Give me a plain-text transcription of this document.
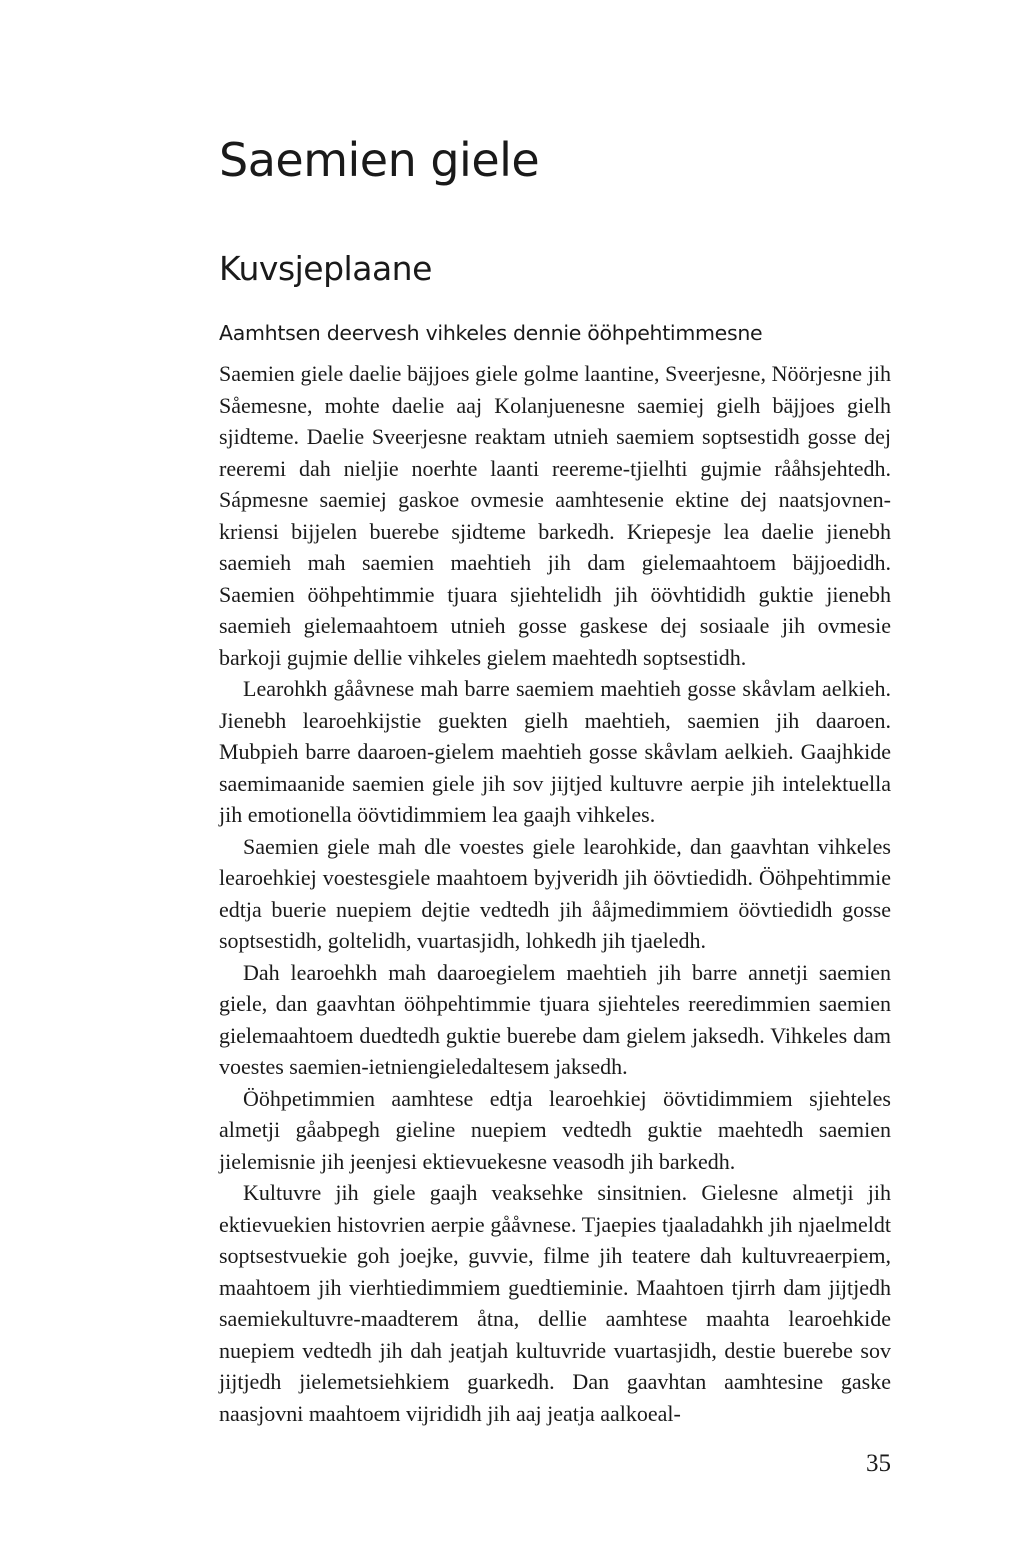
Saemien giele
Kuvsjeplaane
Aamhtsen deervesh vihkeles dennie ööhpehtimmesne

Saemien giele daelie bäjjoes giele golme laantine, Sveerjesne, Nöörjesne jih Såemesne, mohte daelie aaj Kolanjuenesne saemiej gielh bäjjoes gielh sjidteme. Daelie Sveerjesne reaktam utnieh saemiem soptsestidh gosse dej reeremi dah nieljie noerhte laanti reereme-tjielhti gujmie rååhsjehtedh. Sápmesne saemiej gaskoe ovmesie aamhtesenie ektine dej naatsjovnen-kriensi bijjelen buerebe sjidteme barkedh. Kriepesje lea daelie jienebh saemieh mah saemien maehtieh jih dam gielemaahtoem bäjjoedidh. Saemien ööhpehtimmie tjuara sjiehtelidh jih öövhtididh guktie jienebh saemieh gielemaahtoem utnieh gosse gaskese dej sosiaale jih ovmesie barkoji gujmie dellie vihkeles gielem maehtedh soptsestidh.

Learohkh gååvnese mah barre saemiem maehtieh gosse skåvlam aelkieh. Jienebh learoehkijstie guekten gielh maehtieh, saemien jih daaroen. Mubpieh barre daaroen-gielem maehtieh gosse skåvlam aelkieh. Gaajhkide saemimaanide saemien giele jih sov jijtjed kultuvre aerpie jih intelektuella jih emotionella öövtidimmiem lea gaajh vihkeles.

Saemien giele mah dle voestes giele learohkide, dan gaavhtan vihkeles learoehkiej voestesgiele maahtoem byjveridh jih öövtiedidh. Ööhpehtimmie edtja buerie nuepiem dejtie vedtedh jih ååjmedimmiem öövtiedidh gosse soptsestidh, goltelidh, vuartasjidh, lohkedh jih tjaeledh.

Dah learoehkh mah daaroegielem maehtieh jih barre annetji saemien giele, dan gaavhtan ööhpehtimmie tjuara sjiehteles reeredimmien saemien gielemaahtoem duedtedh guktie buerebe dam gielem jaksedh. Vihkeles dam voestes saemien-ietniengieledaltesem jaksedh.

Ööhpetimmien aamhtese edtja learoehkiej öövtidimmiem sjiehteles almetji gåabpegh gieline nuepiem vedtedh guktie maehtedh saemien jielemisnie jih jeenjesi ektievuekesne veasodh jih barkedh.

Kultuvre jih giele gaajh veaksehke sinsitnien. Gielesne almetji jih ektievuekien histovrien aerpie gååvnese. Tjaepies tjaaladahkh jih njaelmeldt soptsestvuekie goh joejke, guvvie, filme jih teatere dah kultuvreaerpiem, maahtoem jih vierhtiedimmiem guedtieminie. Maahtoen tjirrh dam jijtjedh saemiekultuvre-maadterem åtna, dellie aamhtese maahta learoehkide nuepiem vedtedh jih dah jeatjah kultuvride vuartasjidh, destie buerebe sov jijtjedh jielemetsiehkiem guarkedh. Dan gaavhtan aamhtesine gaske naasjovni maahtoem vijrididh jih aaj jeatja aalkoeal-

35
